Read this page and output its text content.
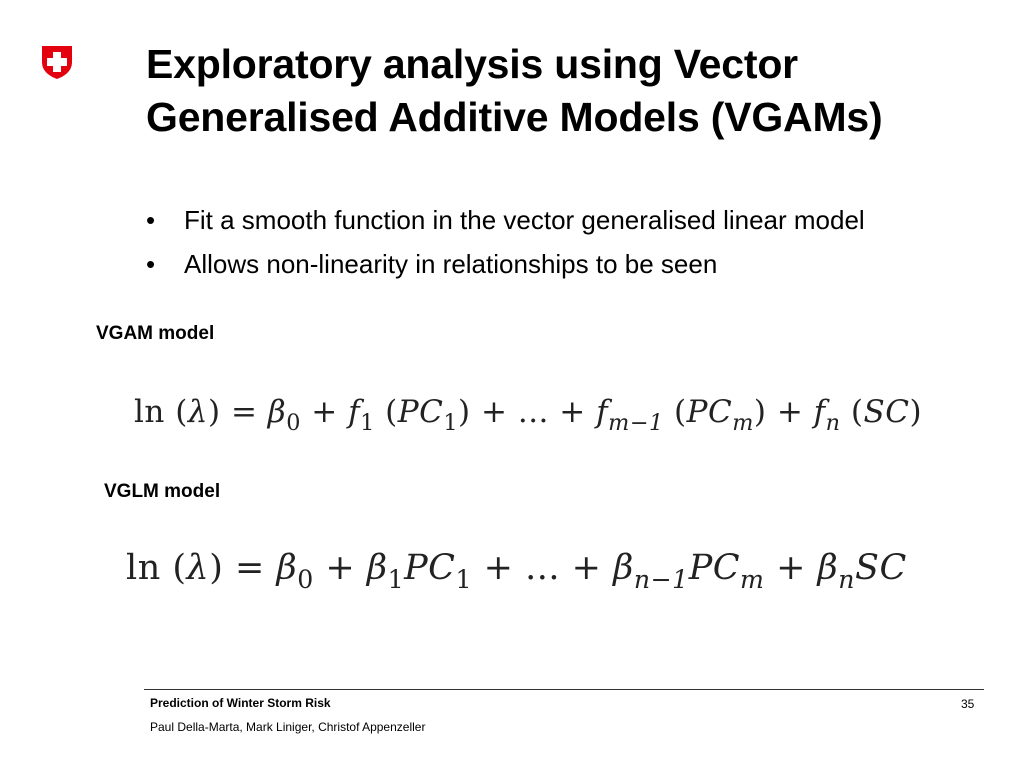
Exploratory analysis using Vector
Generalised Additive Models (VGAMs)
• Fit a smooth function in the vector generalised linear model
• Allows non-linearity in relationships to be seen
VGAM model
$\ln (\lambda) = \beta_0 + f_1$ $(PC_1)$ + ... + $f_{m-1}$ $(PC_m) + f_n$ (SC)
VGLM model
$\ln (\lambda) = \beta_0 + \beta_1PC_1$ + ... + $\beta_{n-1}PC_m + \beta_nSC$
Prediction of Winter Storm Risk
Paul Della-Marta, Mark Liniger, Christof Appenzeller
35
